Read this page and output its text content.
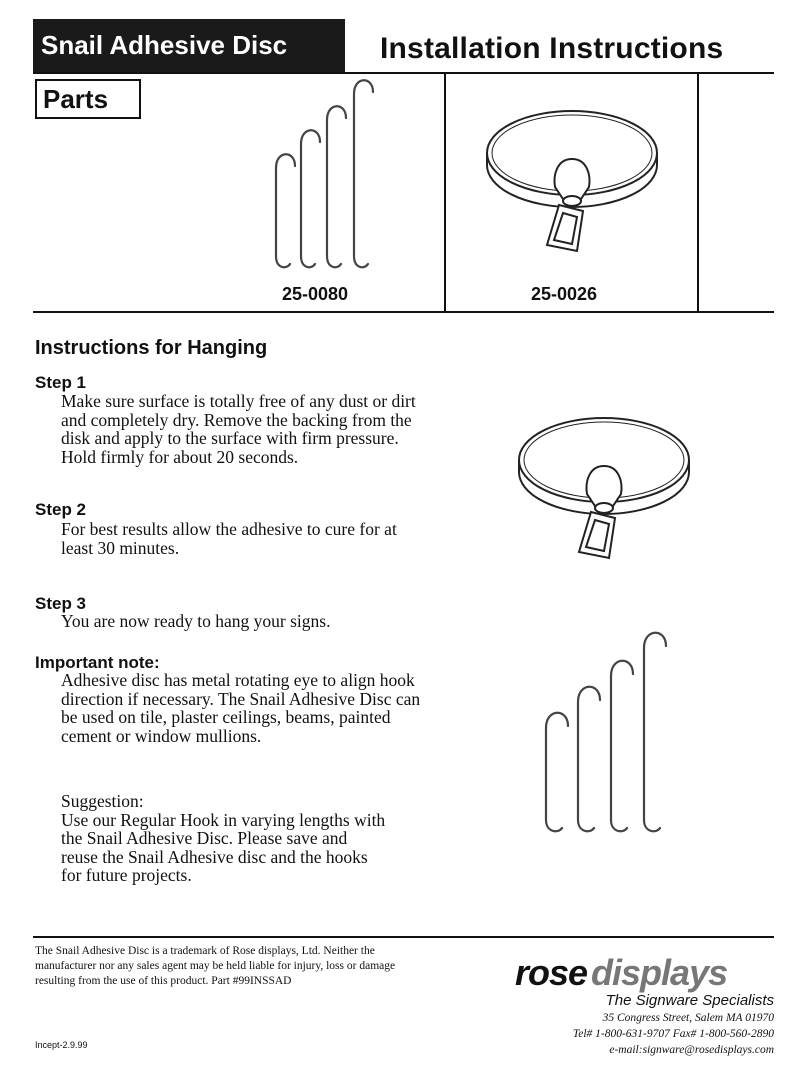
Snail Adhesive Disc	Installation Instructions
Parts
25-0080	25-0026
Instructions for Hanging
Step 1
Make sure surface is totally free of any dust or dirt
and completely dry. Remove the backing from the
disk and apply to the surface with firm pressure.
Hold firmly for about 20 seconds.
Step 2
For best results allow the adhesive to cure for at
least 30 minutes.
Step 3
You are now ready to hang your signs.
Important note:
Adhesive disc has metal rotating eye to align hook
direction if necessary. The Snail Adhesive Disc can
be used on tile, plaster ceilings, beams, painted
cement or window mullions.
Suggestion:
Use our Regular Hook in varying lengths with
the Snail Adhesive Disc. Please save and
reuse the Snail Adhesive disc and the hooks
for future projects.
The Snail Adhesive Disc is a trademark of Rose displays, Ltd. Neither the
manufacturer nor any sales agent may be held liable for injury, loss or damage
resulting from the use of this product. Part #99INSSAD
Incept-2.9.99
rose displays
The Signware Specialists
35 Congress Street, Salem MA 01970
Tel# 1-800-631-9707 Fax# 1-800-560-2890
e-mail:signware@rosedisplays.com
